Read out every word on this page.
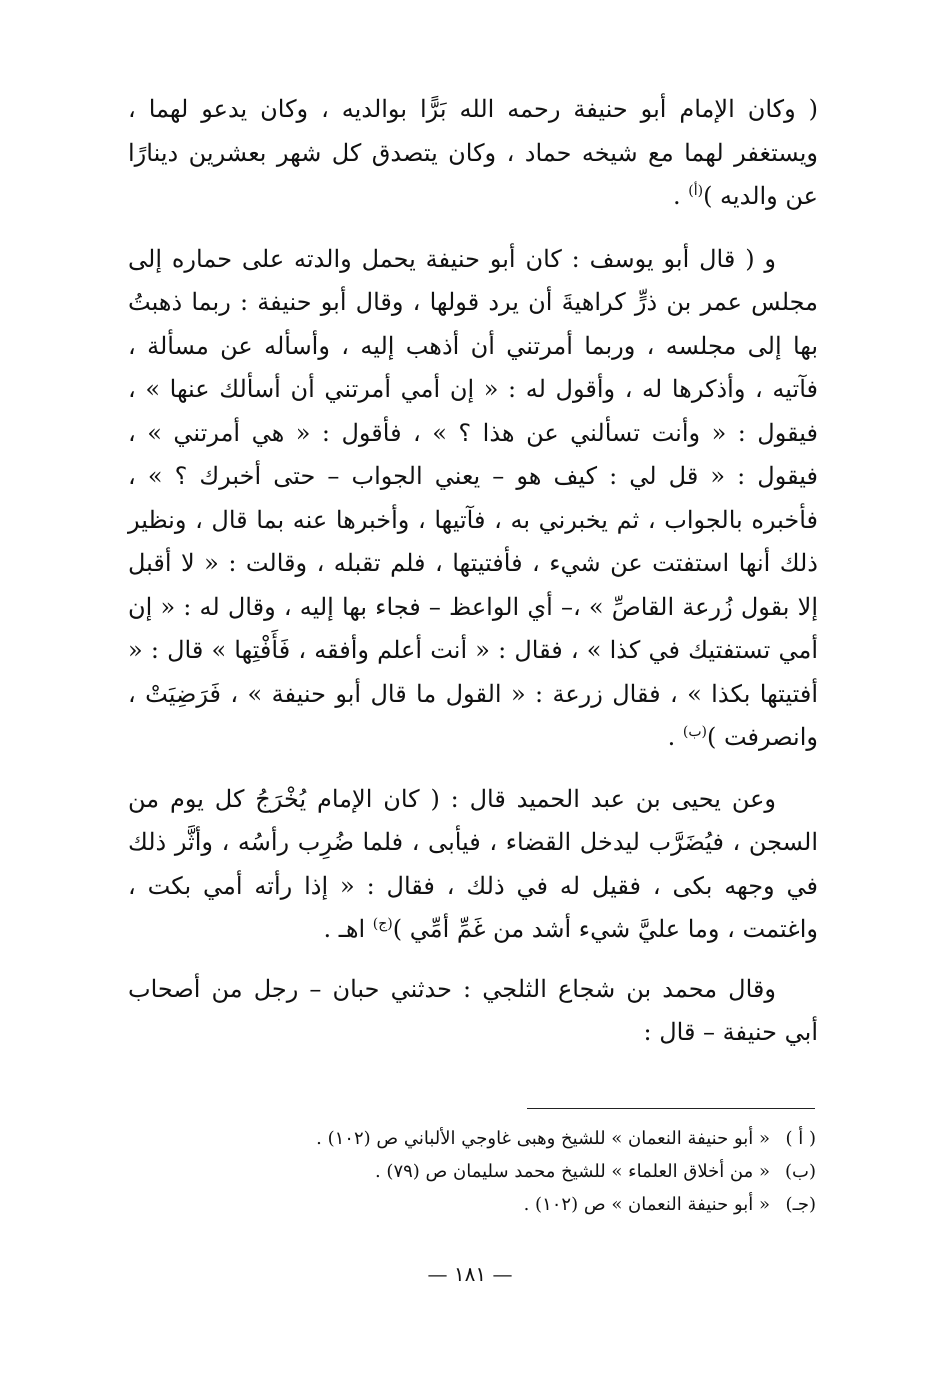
( وكان الإمام أبو حنيفة رحمه الله بَرًّا بوالديه ، وكان يدعو لهما ، ويستغفر لهما مع شيخه حماد ، وكان يتصدق كل شهر بعشرين دينارًا عن والديه )$^{(أ)}$ .

و ( قال أبو يوسف : كان أبو حنيفة يحمل والدته على حماره إلى مجلس عمر بن ذرٍّ كراهيةَ أن يرد قولها ، وقال أبو حنيفة : ربما ذهبتُ بها إلى مجلسه ، وربما أمرتني أن أذهب إليه ، وأسأله عن مسألة ، فآتيه ، وأذكرها له ، وأقول له : « إن أمي أمرتني أن أسألك عنها » ، فيقول : « وأنت تسألني عن هذا ؟ » ، فأقول : « هي أمرتني » ، فيقول : « قل لي : كيف هو – يعني الجواب – حتى أخبرك ؟ » ، فأخبره بالجواب ، ثم يخبرني به ، فآتيها ، وأخبرها عنه بما قال ، ونظير ذلك أنها استفتت عن شيء ، فأفتيتها ، فلم تقبله ، وقالت : « لا أقبل إلا بقول زُرعة القاصِّ » ،– أي الواعظ – فجاء بها إليه ، وقال له : « إن أمي تستفتيك في كذا » ، فقال : « أنت أعلم وأفقه ، فَأَفْتِها » قال : « أفتيتها بكذا » ، فقال زرعة : « القول ما قال أبو حنيفة » ، فَرَضِيَتْ ، وانصرفت )$^{(ب)}$ .

وعن يحيى بن عبد الحميد قال : ( كان الإمام يُخْرَجُ كل يوم من السجن ، فيُضَرَّب ليدخل القضاء ، فيأبى ، فلما ضُرِب رأسُه ، وأثَّر ذلك في وجهه بكى ، فقيل له في ذلك ، فقال : « إذا رأته أمي بكت ، واغتمت ، وما عليَّ شيء أشد من غَمِّ أمِّي )$^{(ج)}$ اهـ .

وقال محمد بن شجاع الثلجي : حدثني حبان – رجل من أصحاب أبي حنيفة – قال :

( أ )
« أبو حنيفة النعمان » للشيخ وهبى غاوجي الألباني ص (١٠٢) .
(ب)
« من أخلاق العلماء » للشيخ محمد سليمان ص (٧٩) .
(جـ)
« أبو حنيفة النعمان » ص (١٠٢) .
— ١٨١ —
